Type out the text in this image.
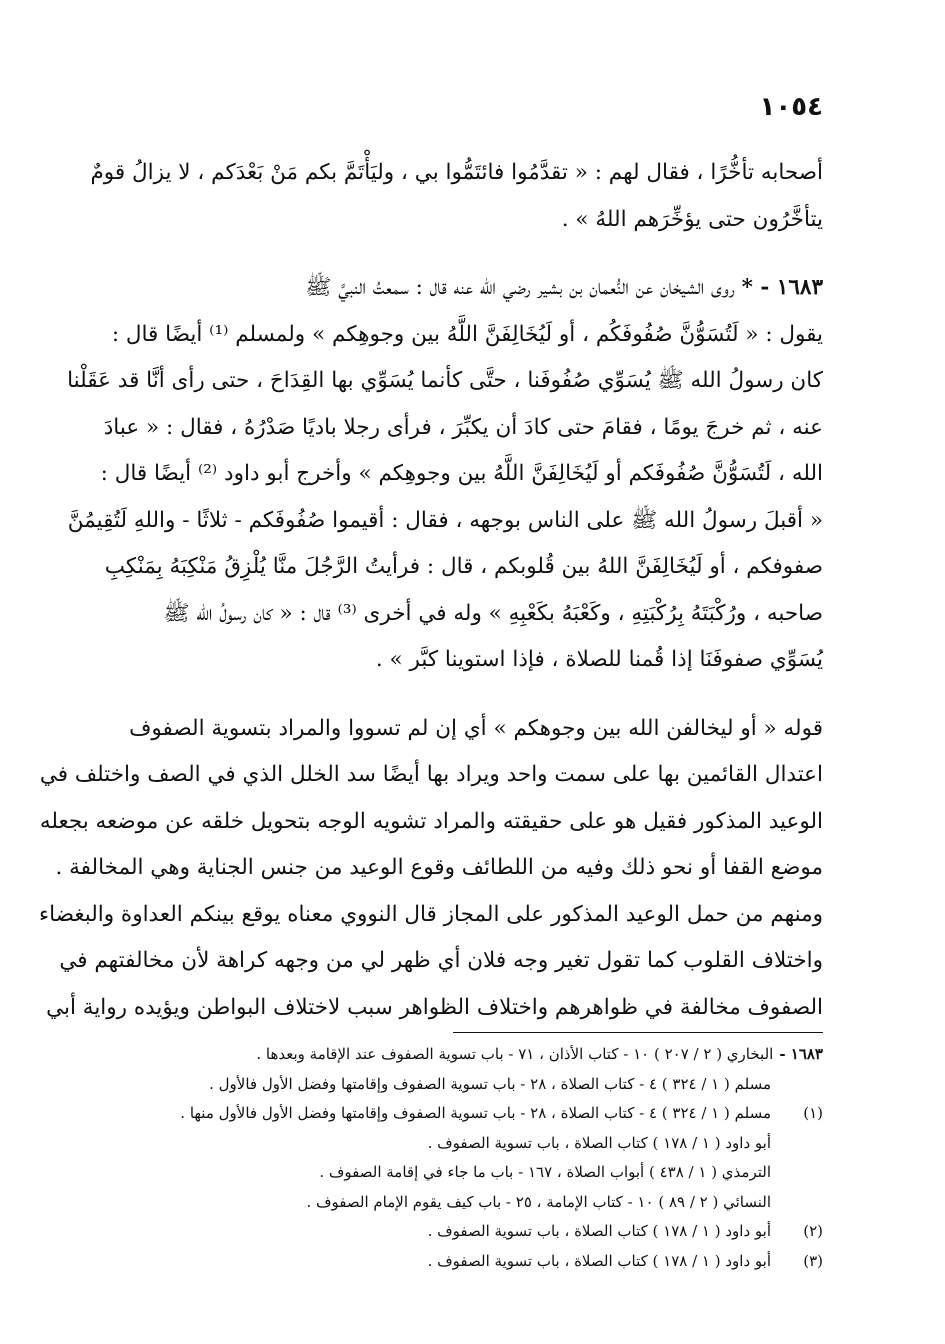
١٠٥٤

أصحابه تأخُّرًا ، فقال لهم : « تقدَّمُوا فائتَمُّوا بي ، وليَأْتَمَّ بكم مَنْ بَعْدَكم ، لا يزالُ قومٌ
يتأخَّرُون حتى يؤخِّرَهم اللهُ » .

١٦٨٣ - * روى الشيخان عن النُّعمان بن بشير رضي الله عنه قال : سمعتُ النبيَّ ﷺ
يقول : « لَتُسَوُّنَّ صُفُوفَكُم ، أو لَيُخَالِفَنَّ اللَّهُ بين وجوهِكم » ولمسلم ⁽¹⁾ أيضًا قال :
كان رسولُ الله ﷺ يُسَوِّي صُفُوفَنا ، حتَّى كأنما يُسَوِّي بها القِدَاحَ ، حتى رأى أنَّا قد عَقَلْنا
عنه ، ثم خرجَ يومًا ، فقامَ حتى كادَ أن يكبِّرَ ، فرأى رجلا باديًا صَدْرُهُ ، فقال : « عبادَ
الله ، لَتُسَوُّنَّ صُفُوفَكم أو لَيُخَالِفَنَّ اللَّهُ بين وجوهِكم » وأخرج أبو داود ⁽²⁾ أيضًا قال :
« أقبلَ رسولُ الله ﷺ على الناس بوجهه ، فقال : أقيموا صُفُوفَكم - ثلاثًا - واللهِ لَتُقِيمُنَّ
صفوفكم ، أو لَيُخَالِفَنَّ اللهُ بين قُلوبكم ، قال : فرأيتُ الرَّجُلَ منَّا يُلْزِقُ مَنْكِبَهُ بِمَنْكِبِ
صاحبه ، ورُكْبَتَهُ بِرُكْبَتِهِ ، وكَعْبَهُ بكَعْبِهِ » وله في أخرى ⁽³⁾ قال : « كان رسولُ الله ﷺ
يُسَوِّي صفوفَنَا إذا قُمنا للصلاة ، فإذا استوينا كبَّر » .

قوله « أو ليخالفن الله بين وجوهكم » أي إن لم تسووا والمراد بتسوية الصفوف
اعتدال القائمين بها على سمت واحد ويراد بها أيضًا سد الخلل الذي في الصف واختلف في
الوعيد المذكور فقيل هو على حقيقته والمراد تشويه الوجه بتحويل خلقه عن موضعه بجعله
موضع القفا أو نحو ذلك وفيه من اللطائف وقوع الوعيد من جنس الجناية وهي المخالفة .
ومنهم من حمل الوعيد المذكور على المجاز قال النووي معناه يوقع بينكم العداوة والبغضاء
واختلاف القلوب كما تقول تغير وجه فلان أي ظهر لي من وجهه كراهة لأن مخالفتهم في
الصفوف مخالفة في ظواهرهم واختلاف الظواهر سبب لاختلاف البواطن ويؤيده رواية أبي

١٦٨٣ -
البخاري ( ٢ / ٢٠٧ ) ١٠ - كتاب الأذان ، ٧١ - باب تسوية الصفوف عند الإقامة وبعدها .
مسلم ( ١ / ٣٢٤ ) ٤ - كتاب الصلاة ، ٢٨ - باب تسوية الصفوف وإقامتها وفضل الأول فالأول .
(١)
مسلم ( ١ / ٣٢٤ ) ٤ - كتاب الصلاة ، ٢٨ - باب تسوية الصفوف وإقامتها وفضل الأول فالأول منها .
أبو داود ( ١ / ١٧٨ ) كتاب الصلاة ، باب تسوية الصفوف .
الترمذي ( ١ / ٤٣٨ ) أبواب الصلاة ، ١٦٧ - باب ما جاء في إقامة الصفوف .
النسائي ( ٢ / ٨٩ ) ١٠ - كتاب الإمامة ، ٢٥ - باب كيف يقوم الإمام الصفوف .
(٢)
أبو داود ( ١ / ١٧٨ ) كتاب الصلاة ، باب تسوية الصفوف .
(٣)
أبو داود ( ١ / ١٧٨ ) كتاب الصلاة ، باب تسوية الصفوف .
